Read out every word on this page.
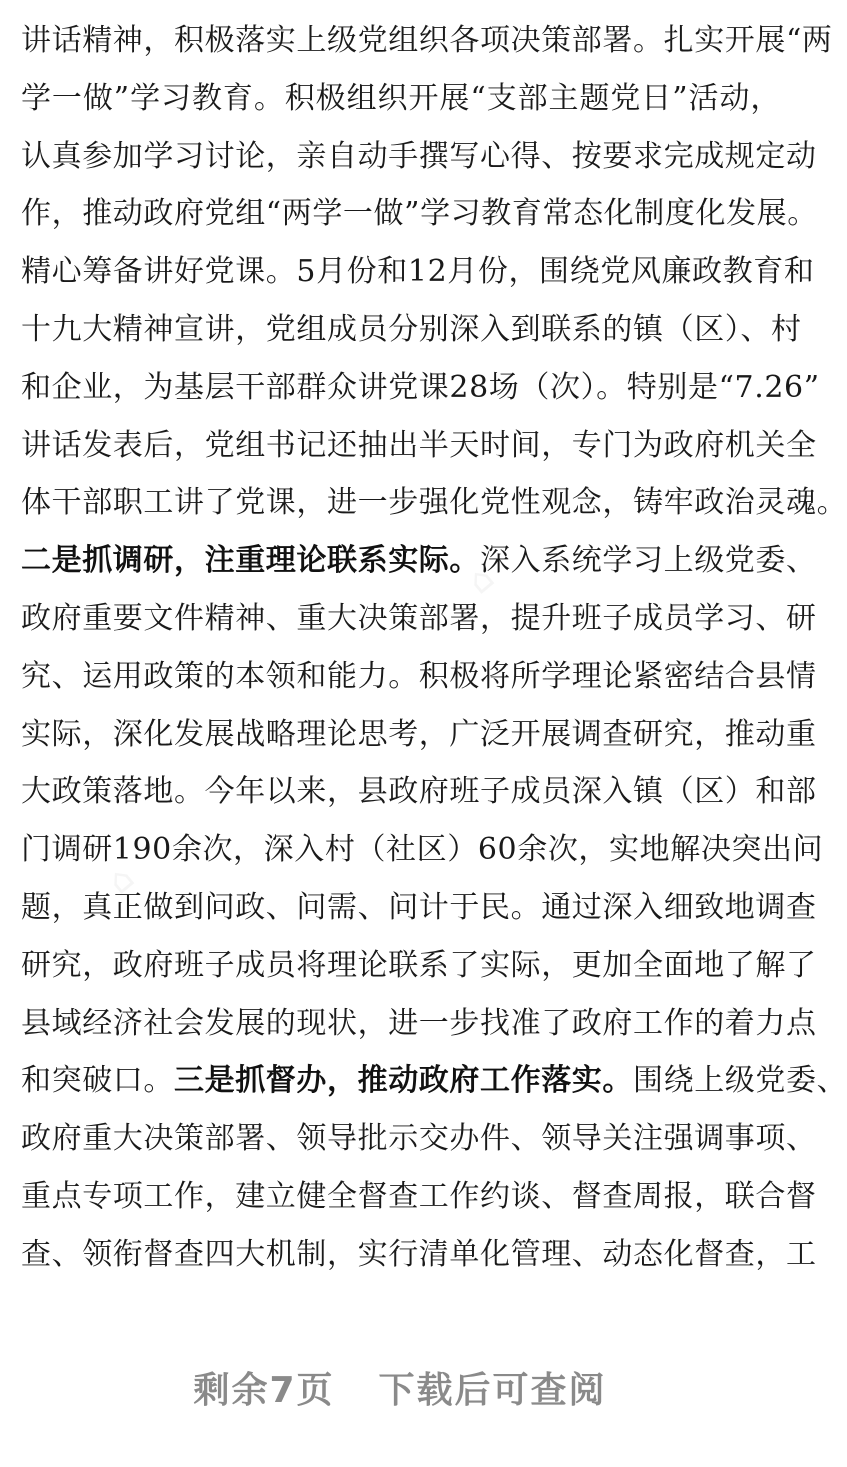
讲话精神，积极落实上级党组织各项决策部署。扎实开展“两
学一做”学习教育。积极组织开展“支部主题党日”活动，
认真参加学习讨论，亲自动手撰写心得、按要求完成规定动
作，推动政府党组“两学一做”学习教育常态化制度化发展。
精心筹备讲好党课。5月份和12月份，围绕党风廉政教育和
十九大精神宣讲，党组成员分别深入到联系的镇（区）、村
和企业，为基层干部群众讲党课28场（次）。特别是“7.26”
讲话发表后，党组书记还抽出半天时间，专门为政府机关全
体干部职工讲了党课，进一步强化党性观念，铸牢政治灵魂。
二是抓调研，注重理论联系实际。深入系统学习上级党委、
政府重要文件精神、重大决策部署，提升班子成员学习、研
究、运用政策的本领和能力。积极将所学理论紧密结合县情
实际，深化发展战略理论思考，广泛开展调查研究，推动重
大政策落地。今年以来，县政府班子成员深入镇（区）和部
门调研190余次，深入村（社区）60余次，实地解决突出问
题，真正做到问政、问需、问计于民。通过深入细致地调查
研究，政府班子成员将理论联系了实际，更加全面地了解了
县域经济社会发展的现状，进一步找准了政府工作的着力点
和突破口。三是抓督办，推动政府工作落实。围绕上级党委、
政府重大决策部署、领导批示交办件、领导关注强调事项、
重点专项工作，建立健全督查工作约谈、督查周报，联合督
查、领衔督查四大机制，实行清单化管理、动态化督查，工
⌂
⌂
剩余7页 下载后可查阅
